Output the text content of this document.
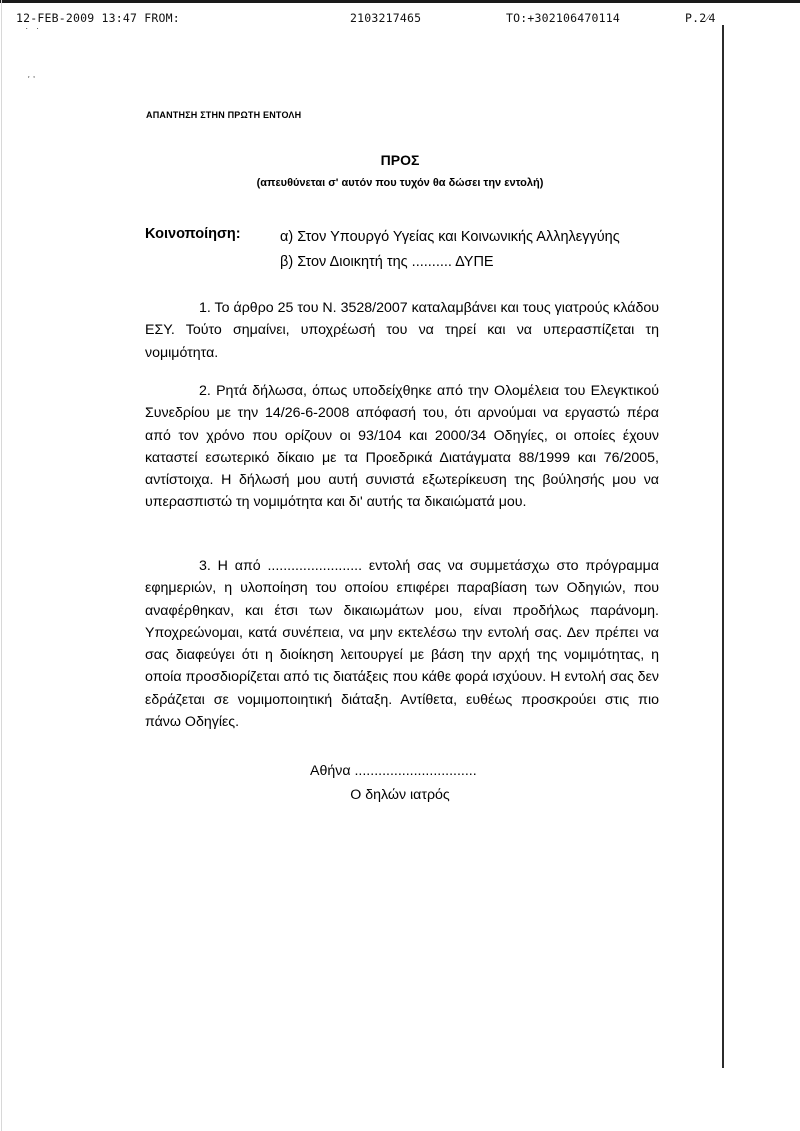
12-FEB-2009 13:47 FROM:	2103217465	TO:+302106470114	P.2⁄4
˙ ˙
ˑˑ
ΑΠΑΝΤΗΣΗ ΣΤΗΝ ΠΡΩΤΗ ΕΝΤΟΛΗ
ΠΡΟΣ
(απευθύνεται σ' αυτόν που τυχόν θα δώσει την εντολή)
Κοινοποίηση:	α) Στον Υπουργό Υγείας και Κοινωνικής Αλληλεγγύης
β) Στον Διοικητή της .......... ΔΥΠΕ

1. Το άρθρο 25 του Ν. 3528/2007 καταλαμβάνει και τους γιατρούς κλάδου ΕΣΥ. Τούτο σημαίνει, υποχρέωσή του να τηρεί και να υπερασπίζεται τη νομιμότητα.

2. Ρητά δήλωσα, όπως υποδείχθηκε από την Ολομέλεια του Ελεγκτικού Συνεδρίου με την 14/26-6-2008 απόφασή του, ότι αρνούμαι να εργαστώ πέρα από τον χρόνο που ορίζουν οι 93/104 και 2000/34 Οδηγίες, οι οποίες έχουν καταστεί εσωτερικό δίκαιο με τα Προεδρικά Διατάγματα 88/1999 και 76/2005, αντίστοιχα. Η δήλωσή μου αυτή συνιστά εξωτερίκευση της βούλησής μου να υπερασπιστώ τη νομιμότητα και δι' αυτής τα δικαιώματά μου.

3. Η από ........................ εντολή σας να συμμετάσχω στο πρόγραμμα εφημεριών, η υλοποίηση του οποίου επιφέρει παραβίαση των Οδηγιών, που αναφέρθηκαν, και έτσι των δικαιωμάτων μου, είναι προδήλως παράνομη. Υποχρεώνομαι, κατά συνέπεια, να μην εκτελέσω την εντολή σας. Δεν πρέπει να σας διαφεύγει ότι η διοίκηση λειτουργεί με βάση την αρχή της νομιμότητας, η οποία προσδιορίζεται από τις διατάξεις που κάθε φορά ισχύουν. Η εντολή σας δεν εδράζεται σε νομιμοποιητική διάταξη. Αντίθετα, ευθέως προσκρούει στις πιο πάνω Οδηγίες.

Αθήνα ...............................
Ο δηλών ιατρός
